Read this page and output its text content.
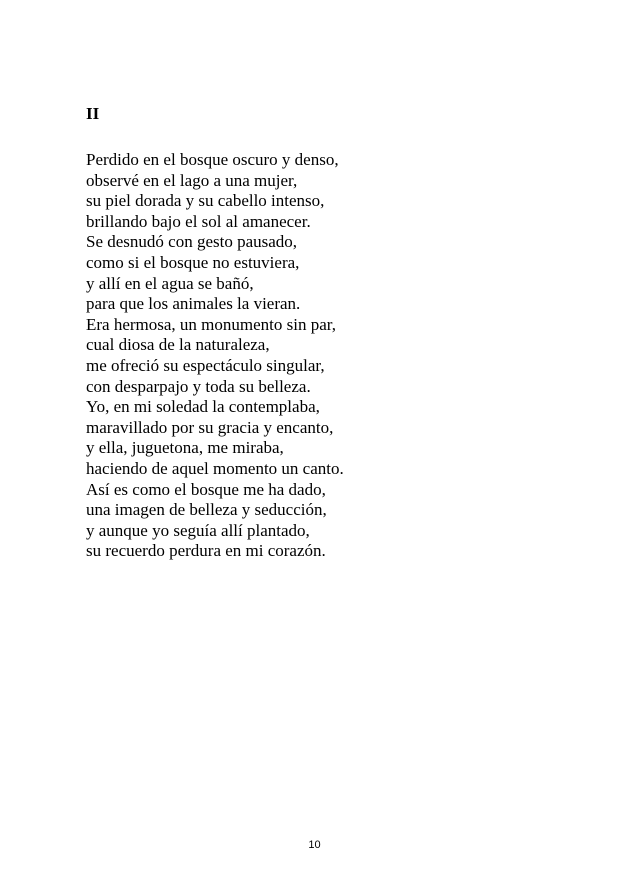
II
Perdido en el bosque oscuro y denso,
observé en el lago a una mujer,
su piel dorada y su cabello intenso,
brillando bajo el sol al amanecer.
Se desnudó con gesto pausado,
como si el bosque no estuviera,
y allí en el agua se bañó,
para que los animales la vieran.
Era hermosa, un monumento sin par,
cual diosa de la naturaleza,
me ofreció su espectáculo singular,
con desparpajo y toda su belleza.
Yo, en mi soledad la contemplaba,
maravillado por su gracia y encanto,
y ella, juguetona, me miraba,
haciendo de aquel momento un canto.
Así es como el bosque me ha dado,
una imagen de belleza y seducción,
y aunque yo seguía allí plantado,
su recuerdo perdura en mi corazón.
10
